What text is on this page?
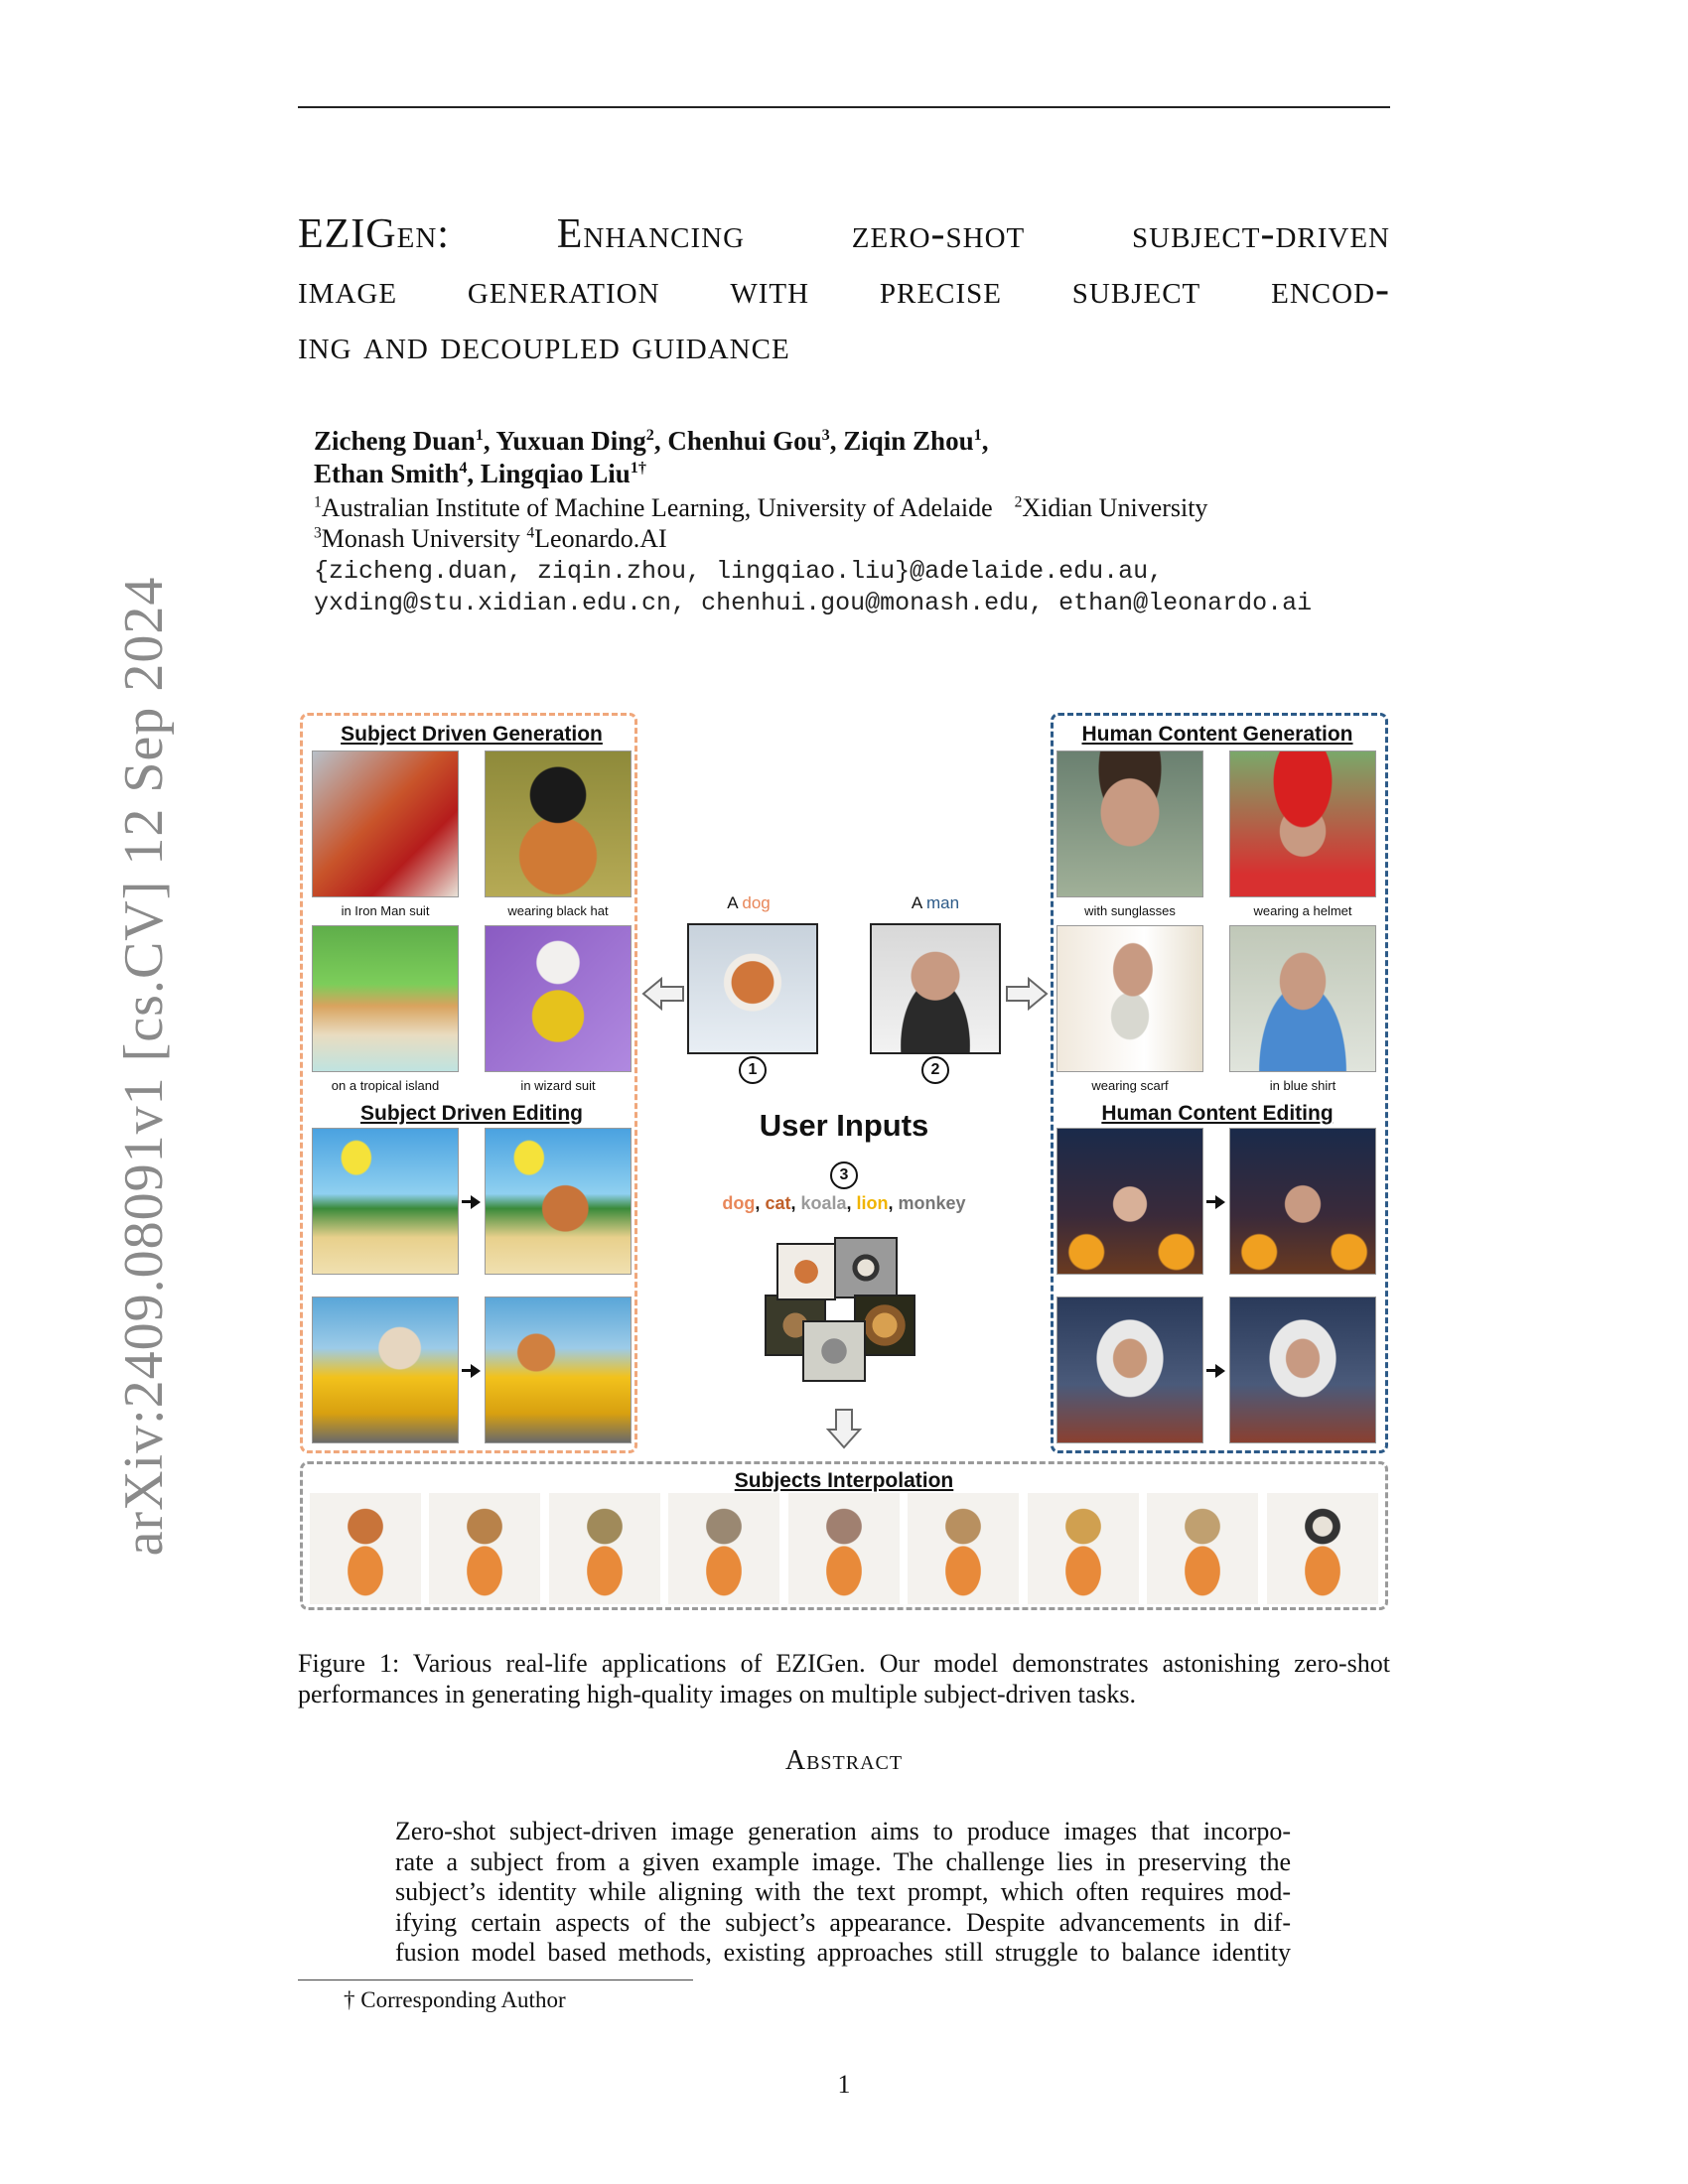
arXiv:2409.08091v1 [cs.CV] 12 Sep 2024
EZIGen: Enhancing zero-shot subject-driven
image generation with precise subject encod-
ing and decoupled guidance
Zicheng Duan$^1$, Yuxuan Ding$^2$, Chenhui Gou$^3$, Ziqin Zhou$^1$,
Ethan Smith$^4$, Lingqiao Liu$^{1\dagger}$
$^1$Australian Institute of Machine Learning, University of Adelaide $^2$Xidian University
$^3$Monash University $^4$Leonardo.AI
{zicheng.duan, ziqin.zhou, lingqiao.liu}@adelaide.edu.au,
yxding@stu.xidian.edu.cn, chenhui.gou@monash.edu, ethan@leonardo.ai
Subject Driven Generation
in Iron Man suit	wearing black hat
on a tropical island	in wizard suit
Subject Driven Editing
A dog	A man
1	2
User Inputs
3
dog, cat, koala, lion, monkey
Human Content Generation
with sunglasses	wearing a helmet
wearing scarf	in blue shirt
Human Content Editing
Subjects Interpolation
Figure 1: Various real-life applications of EZIGen. Our model demonstrates astonishing zero-shot performances in generating high-quality images on multiple subject-driven tasks.
Abstract
Zero-shot subject-driven image generation aims to produce images that incorpo-
rate a subject from a given example image. The challenge lies in preserving the
subject’s identity while aligning with the text prompt, which often requires mod-
ifying certain aspects of the subject’s appearance. Despite advancements in dif-
fusion model based methods, existing approaches still struggle to balance identity
† Corresponding Author
1
